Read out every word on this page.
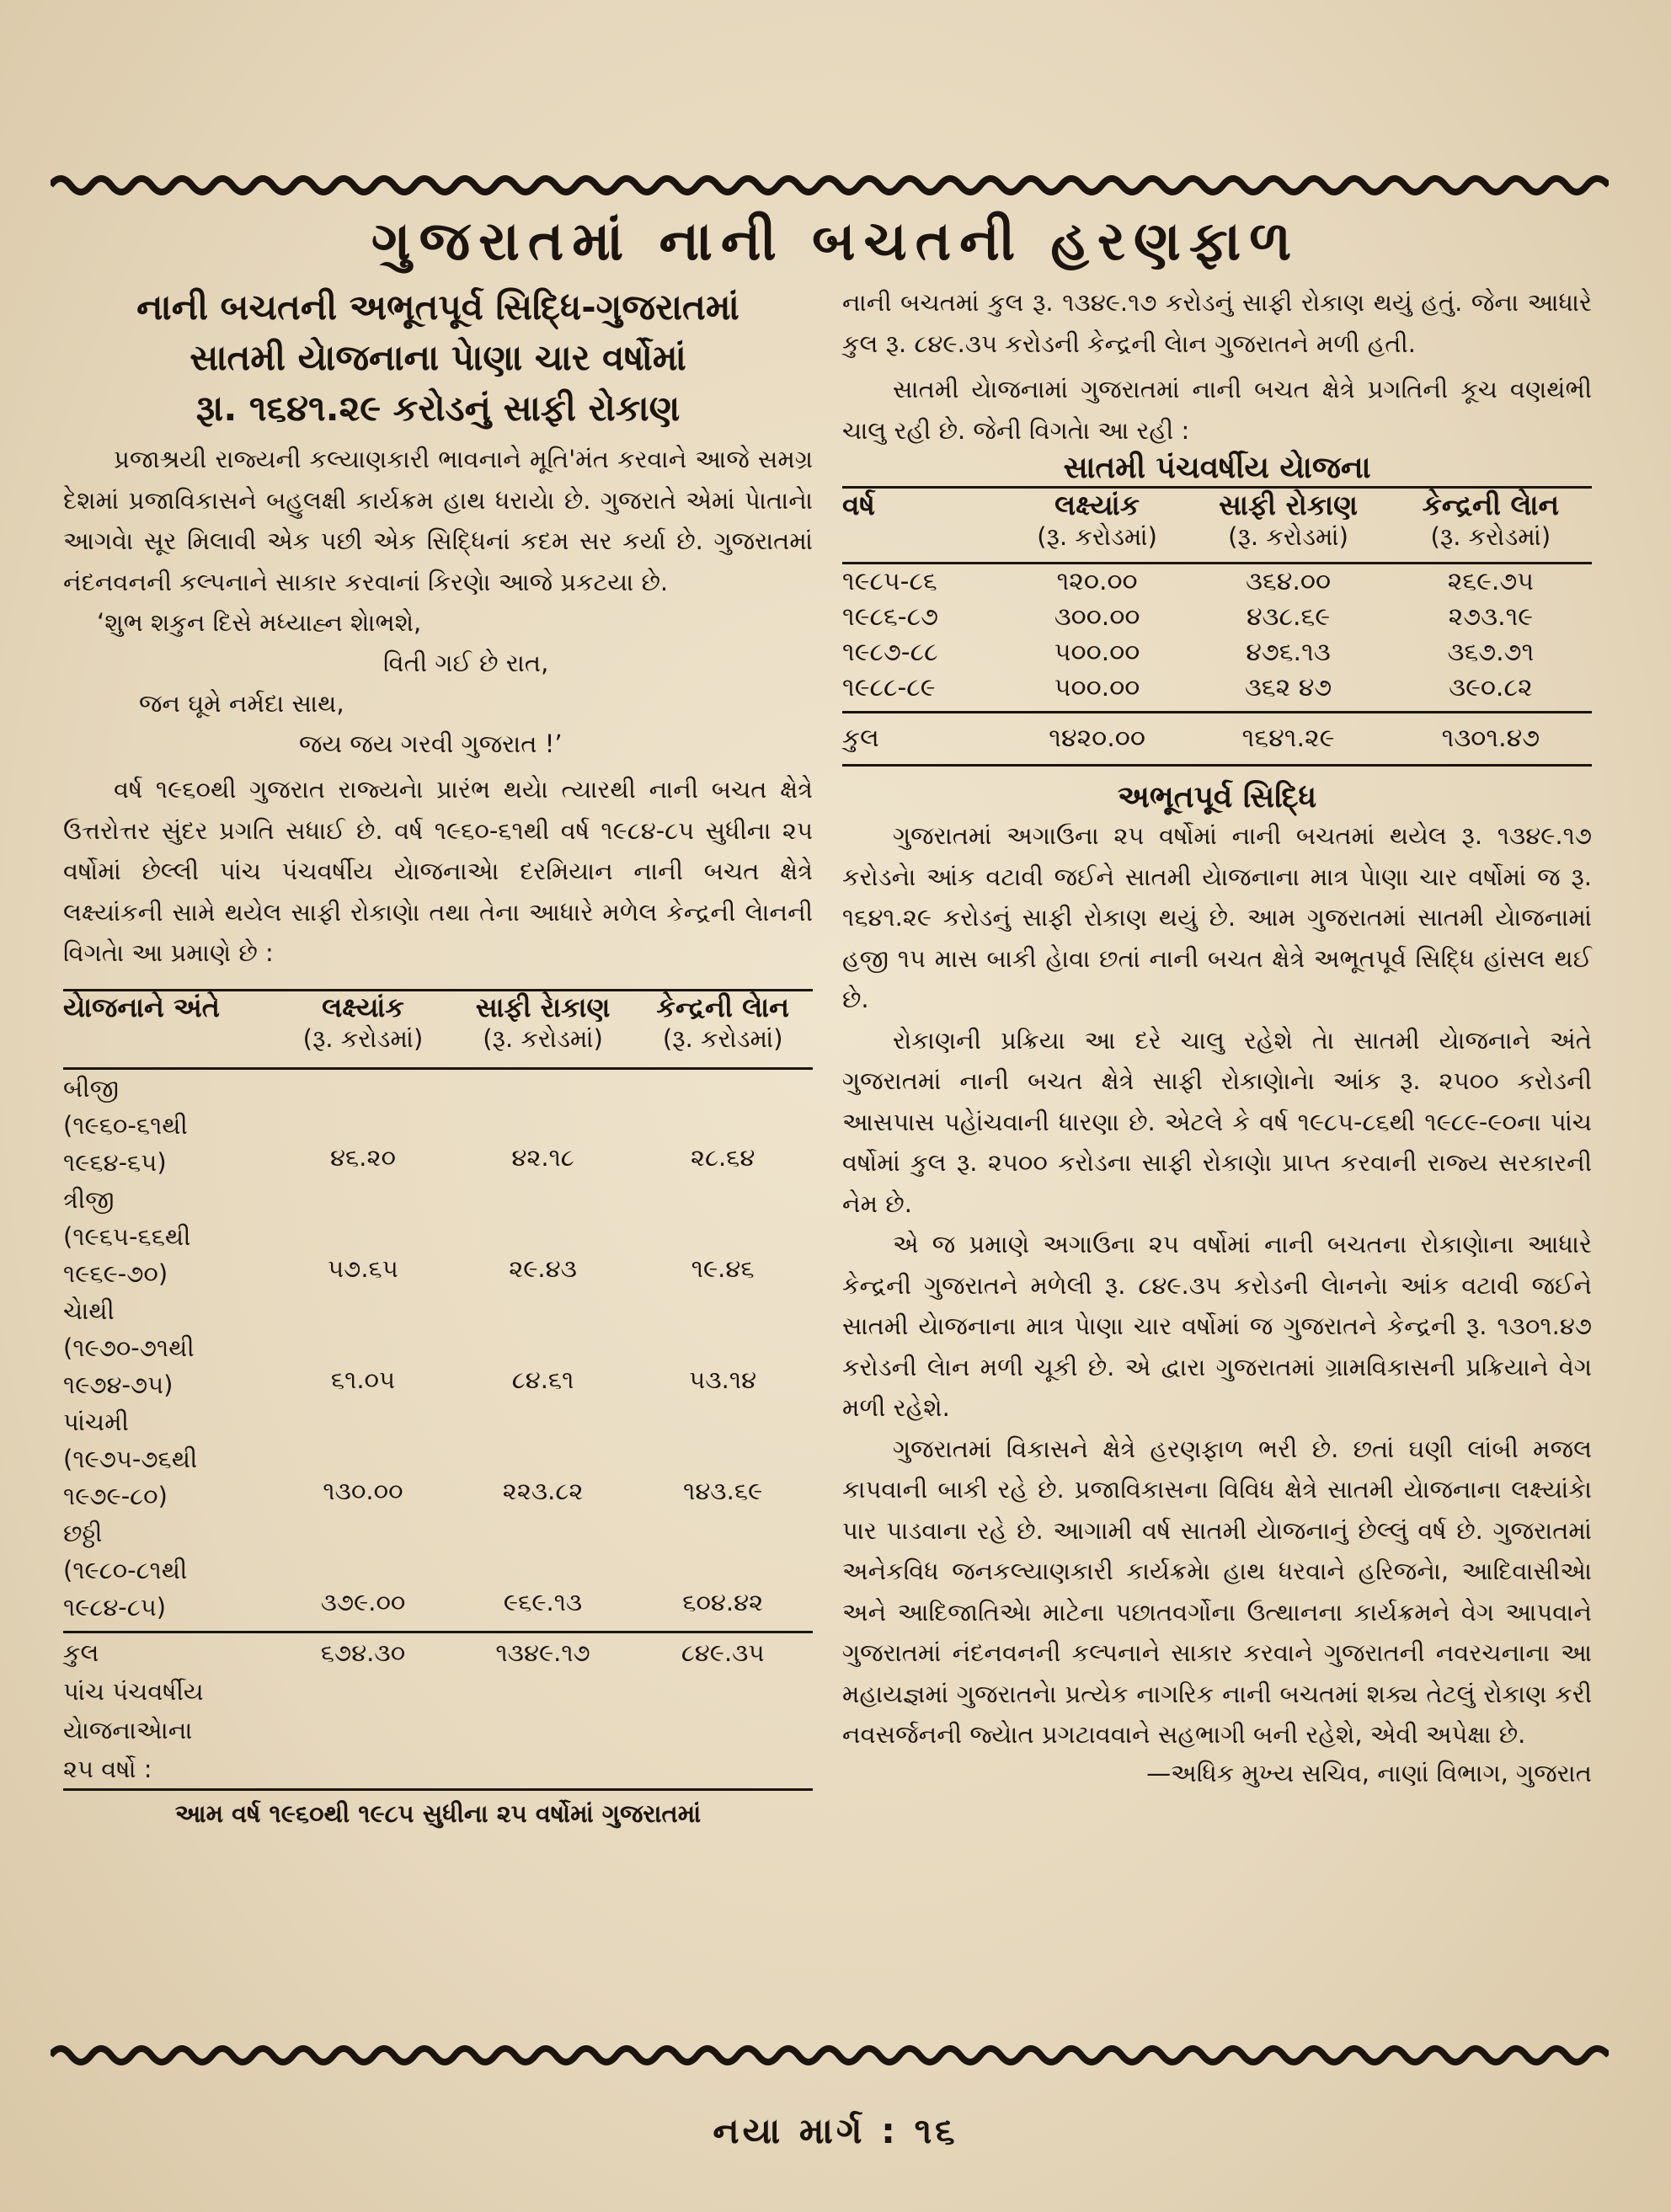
ગુજરાતમાં નાની બચતની હરણફાળ
નાની બચતની અભૂતપૂર્વ સિદ્ધિ-ગુજરાતમાં
સાતમી યેાજનાના પેાણા ચાર વર્ષોમાં
રૂા. ૧૬૪૧.૨૯ કરોડનું સાફી રોકાણ

પ્રજાશ્રયી રાજ્યની કલ્યાણકારી ભાવનાને મૂતિ'મંત કરવાને આજે સમગ્ર દેશમાં પ્રજાવિકાસને બહુલક્ષી કાર્યક્રમ હાથ ધરાયેા છે. ગુજરાતે એમાં પેાતાનેા આગવેા સૂર મિલાવી એક પછી એક સિદ્ધિનાં કદમ સર કર્યા છે. ગુજરાતમાં નંદનવનની કલ્પનાને સાકાર કરવાનાં કિરણેા આજે પ્રકટયા છે.

‘શુભ શકુન દિસે મધ્યાહ્ન શેાભશે,
વિતી ગઈ છે રાત,
જન ઘૂમે નર્મદા સાથ,
જય જય ગરવી ગુજરાત !’

વર્ષ ૧૯૬૦થી ગુજરાત રાજ્યનેા પ્રારંભ થયેા ત્યારથી નાની બચત ક્ષેત્રે ઉત્તરોત્તર સુંદર પ્રગતિ સધાઈ છે. વર્ષ ૧૯૬૦-૬૧થી વર્ષ ૧૯૮૪-૮૫ સુધીના ૨૫ વર્ષોમાં છેલ્લી પાંચ પંચવર્ષીય યેાજનાએા દરમિયાન નાની બચત ક્ષેત્રે લક્ષ્યાંકની સામે થયેલ સાફી રોકાણેા તથા તેના આધારે મળેલ કેન્દ્રની લેાનની વિગતેા આ પ્રમાણે છે :

યેાજનાને અંતે	લક્ષ્યાંક	સાફી રેાકાણ	કેન્દ્રની લેાન
	(રૂ. કરોડમાં)	(રૂ. કરોડમાં)	(રૂ. કરોડમાં)

બીજી
(૧૯૬૦-૬૧થી
૧૯૬૪-૬૫)	૪૬.૨૦	૪૨.૧૮	૨૮.૬૪

ત્રીજી
(૧૯૬૫-૬૬થી
૧૯૬૯-૭૦)	૫૭.૬૫	૨૯.૪૩	૧૯.૪૬

ચેાથી
(૧૯૭૦-૭૧થી
૧૯૭૪-૭૫)	૬૧.૦૫	૮૪.૬૧	૫૩.૧૪

પાંચમી
(૧૯૭૫-૭૬થી
૧૯૭૯-૮૦)	૧૩૦.૦૦	૨૨૩.૮૨	૧૪૩.૬૯

છઠ્ઠી
(૧૯૮૦-૮૧થી
૧૯૮૪-૮૫)	૩૭૯.૦૦	૯૬૯.૧૩	૬૦૪.૪૨

કુલ
પાંચ પંચવર્ષીય
યેાજનાએાના
૨૫ વર્ષો :	૬૭૪.૩૦	૧૩૪૯.૧૭	૮૪૯.૩૫
આમ વર્ષ ૧૯૬૦થી ૧૯૮૫ સુધીના ૨૫ વર્ષોમાં ગુજરાતમાં

નાની બચતમાં કુલ રૂ. ૧૩૪૯.૧૭ કરોડનું સાફી રોકાણ થયું હતું. જેના આધારે કુલ રૂ. ૮૪૯.૩૫ કરોડની કેન્દ્રની લેાન ગુજરાતને મળી હતી.

સાતમી યેાજનામાં ગુજરાતમાં નાની બચત ક્ષેત્રે પ્રગતિની કૂચ વણથંભી ચાલુ રહી છે. જેની વિગતેા આ રહી :

સાતમી પંચવર્ષીય યેાજના
વર્ષ	લક્ષ્યાંક	સાફી રોકાણ	કેન્દ્રની લેાન
	(રૂ. કરોડમાં)	(રૂ. કરોડમાં)	(રૂ. કરોડમાં)

૧૯૮૫-૮૬	૧૨૦.૦૦	૩૬૪.૦૦	૨૬૯.૭૫
૧૯૮૬-૮૭	૩૦૦.૦૦	૪૩૮.૬૯	૨૭૩.૧૯
૧૯૮૭-૮૮	૫૦૦.૦૦	૪૭૬.૧૩	૩૬૭.૭૧
૧૯૮૮-૮૯	૫૦૦.૦૦	૩૬૨ ૪૭	૩૯૦.૮૨

કુલ	૧૪૨૦.૦૦	૧૬૪૧.૨૯	૧૩૦૧.૪૭
અભૂતપૂર્વ સિદ્ધિ

ગુજરાતમાં અગાઉના ૨૫ વર્ષોમાં નાની બચતમાં થયેલ રૂ. ૧૩૪૯.૧૭ કરોડનેા આંક વટાવી જઈને સાતમી યેાજનાના માત્ર પેાણા ચાર વર્ષોમાં જ રૂ. ૧૬૪૧.૨૯ કરોડનું સાફી રોકાણ થયું છે. આમ ગુજરાતમાં સાતમી યેાજનામાં હજી ૧૫ માસ બાકી હેાવા છતાં નાની બચત ક્ષેત્રે અભૂતપૂર્વ સિદ્ધિ હાંસલ થઈ છે.

રોકાણની પ્રક્રિયા આ દરે ચાલુ રહેશે તેા સાતમી યેાજનાને અંતે ગુજરાતમાં નાની બચત ક્ષેત્રે સાફી રોકાણેાનેા આંક રૂ. ૨૫૦૦ કરોડની આસપાસ પહેાંચવાની ધારણા છે. એટલે કે વર્ષ ૧૯૮૫-૮૬થી ૧૯૮૯-૯૦ના પાંચ વર્ષોમાં કુલ રૂ. ૨૫૦૦ કરોડના સાફી રોકાણેા પ્રાપ્ત કરવાની રાજ્ય સરકારની નેમ છે.

એ જ પ્રમાણે અગાઉના ૨૫ વર્ષોમાં નાની બચતના રોકાણેાના આધારે કેન્દ્રની ગુજરાતને મળેલી રૂ. ૮૪૯.૩૫ કરોડની લેાનનેા આંક વટાવી જઈને સાતમી યેાજનાના માત્ર પેાણા ચાર વર્ષોમાં જ ગુજરાતને કેન્દ્રની રૂ. ૧૩૦૧.૪૭ કરોડની લેાન મળી ચૂકી છે. એ દ્વારા ગુજરાતમાં ગ્રામવિકાસની પ્રક્રિયાને વેગ મળી રહેશે.

ગુજરાતમાં વિકાસને ક્ષેત્રે હરણફાળ ભરી છે. છતાં ઘણી લાંબી મજલ કાપવાની બાકી રહે છે. પ્રજાવિકાસના વિવિધ ક્ષેત્રે સાતમી યેાજનાના લક્ષ્યાંકેા પાર પાડવાના રહે છે. આગામી વર્ષ સાતમી યેાજનાનું છેલ્લું વર્ષ છે. ગુજરાતમાં અનેકવિધ જનકલ્યાણકારી કાર્યક્રમેા હાથ ધરવાને હરિજનેા, આદિવાસીએા અને આદિજાતિએા માટેના પછાતવર્ગોના ઉત્થાનના કાર્યક્રમને વેગ આપવાને ગુજરાતમાં નંદનવનની કલ્પનાને સાકાર કરવાને ગુજરાતની નવરચનાના આ મહાયજ્ઞમાં ગુજરાતનેા પ્રત્યેક નાગરિક નાની બચતમાં શક્ય તેટલું રોકાણ કરી નવસર્જનની જ્યેાત પ્રગટાવવાને સહભાગી બની રહેશે, એવી અપેક્ષા છે.

—અધિક મુખ્ય સચિવ, નાણાં વિભાગ, ગુજરાત
નયા માર્ગ : ૧૬
